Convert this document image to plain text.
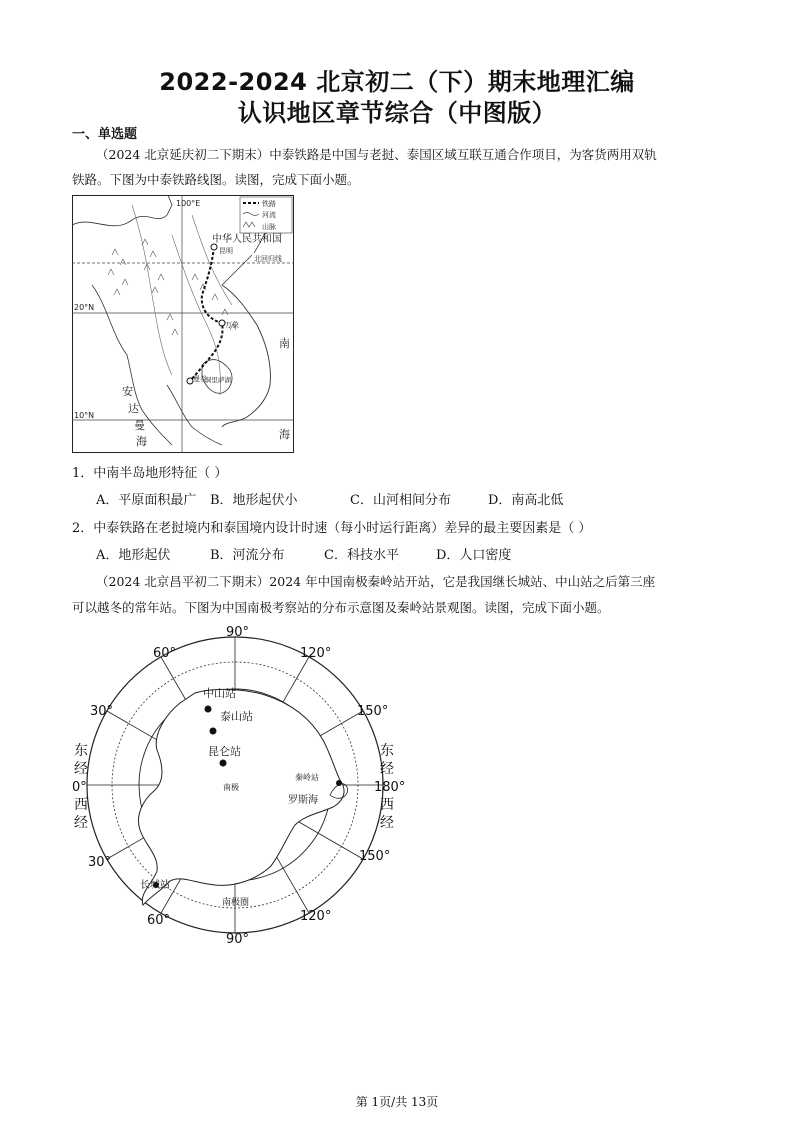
2022-2024 北京初二（下）期末地理汇编
认识地区章节综合（中图版）
一、单选题
（2024 北京延庆初二下期末）中泰铁路是中国与老挝、泰国区域互联互通合作项目，为客货两用双轨
铁路。下图为中泰铁路线图。读图，完成下面小题。
铁路
河流
山脉
100°E
20°N
10°N
中华人民共和国
昆明
北回归线
万象
曼谷
洞里萨湖
南
海
安
达
曼
海
1．中南半岛地形特征（ ）
A．平原面积最广 B．地形起伏小	C．山河相间分布	D．南高北低
2．中泰铁路在老挝境内和泰国境内设计时速（每小时运行距离）差异的最主要因素是（ ）
A．地形起伏	B．河流分布	C．科技水平	D．人口密度
（2024 北京昌平初二下期末）2024 年中国南极秦岭站开站，它是我国继长城站、中山站之后第三座
可以越冬的常年站。下图为中国南极考察站的分布示意图及秦岭站景观图。读图，完成下面小题。
90°
60°	120°
30°	150°
东
经
0°
西
经
东
经
180°
西
经
30°	150°
60°	120°
90°
中山站
泰山站
昆仑站
南极
秦岭站
罗斯海
长城站
南极圈
第 1页/共 13页
